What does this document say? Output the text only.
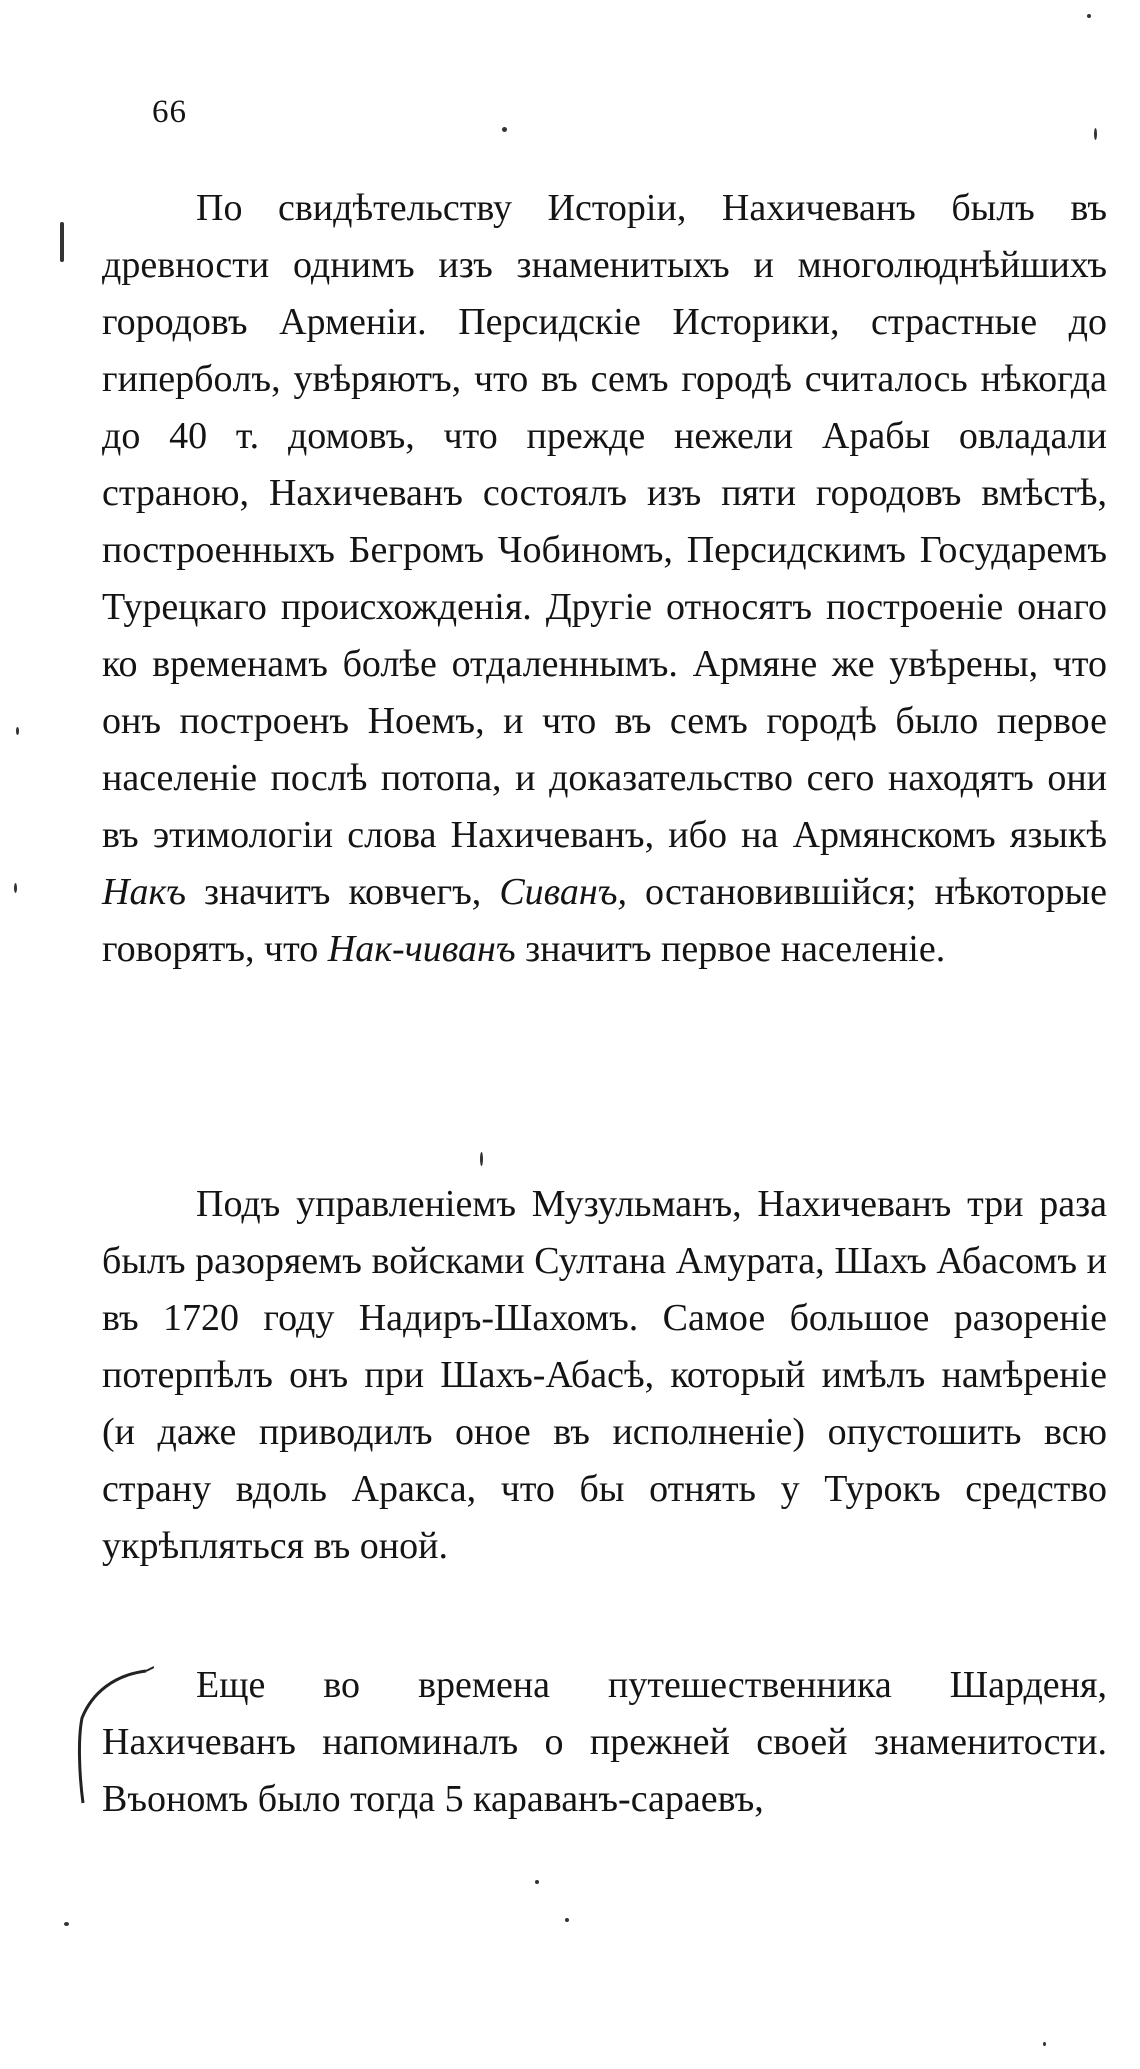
66

По свидѣтельству Исторіи, Нахичеванъ былъ въ древности однимъ изъ знаменитыхъ и многолюднѣйшихъ городовъ Арменіи. Персидскіе Историки, страстные до гипербoлъ, увѣряютъ, что въ семъ городѣ считалось нѣкогда до 40 т. домовъ, что прежде нежели Арабы овладали страною, Нахичеванъ состоялъ изъ пяти городовъ вмѣстѣ, построенныхъ Бегромъ Чобиномъ, Персидскимъ Государемъ Турецкаго происхожденія. Другіе относятъ построеніе онаго ко временамъ болѣе отдаленнымъ. Армяне же увѣрены, что онъ построенъ Ноемъ, и что въ семъ городѣ было первое населеніе послѣ потопа, и доказательство сего находятъ они въ этимологіи слова Нахичеванъ, ибо на Армянскомъ языкѣ Накъ значитъ ковчегъ, Сиванъ, остановившійся; нѣкоторые говорятъ, что Нак-чиванъ значитъ первое населеніе.

Подъ управленіемъ Музульманъ, Нахичеванъ три раза былъ разоряемъ войсками Султана Амурата, Шахъ Абасомъ и въ 1720 году Надиръ-Шахомъ. Самое большое разореніе потерпѣлъ онъ при Шахъ-Абасѣ, который имѣлъ намѣреніе (и даже приводилъ оное въ исполненіе) опустошить всю страну вдоль Аракса, что бы отнять у Турокъ средство укрѣпляться въ оной.

Еще во времена путешественника Шарденя, Нахичеванъ напоминалъ о прежней своей знаменитости. Въономъ было тогда 5 караванъ-сараевъ,
